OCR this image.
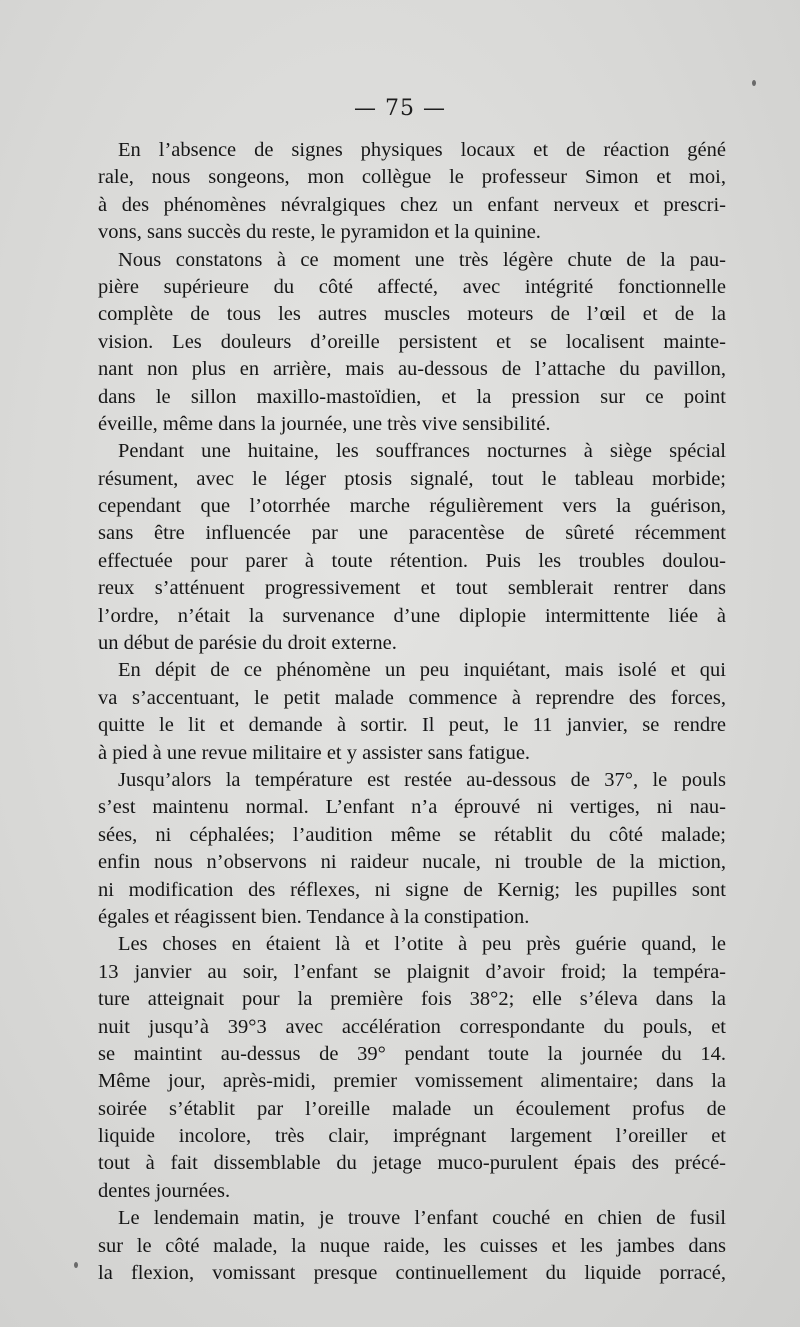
— 75 —
En l’absence de signes physiques locaux et de réaction géné
rale, nous songeons, mon collègue le professeur Simon et moi,
à des phénomènes névralgiques chez un enfant nerveux et prescri-
vons, sans succès du reste, le pyramidon et la quinine.
Nous constatons à ce moment une très légère chute de la pau-
pière supérieure du côté affecté, avec intégrité fonctionnelle
complète de tous les autres muscles moteurs de l’œil et de la
vision. Les douleurs d’oreille persistent et se localisent mainte-
nant non plus en arrière, mais au-dessous de l’attache du pavillon,
dans le sillon maxillo-mastoïdien, et la pression sur ce point
éveille, même dans la journée, une très vive sensibilité.
Pendant une huitaine, les souffrances nocturnes à siège spécial
résument, avec le léger ptosis signalé, tout le tableau morbide;
cependant que l’otorrhée marche régulièrement vers la guérison,
sans être influencée par une paracentèse de sûreté récemment
effectuée pour parer à toute rétention. Puis les troubles doulou-
reux s’atténuent progressivement et tout semblerait rentrer dans
l’ordre, n’était la survenance d’une diplopie intermittente liée à
un début de parésie du droit externe.
En dépit de ce phénomène un peu inquiétant, mais isolé et qui
va s’accentuant, le petit malade commence à reprendre des forces,
quitte le lit et demande à sortir. Il peut, le 11 janvier, se rendre
à pied à une revue militaire et y assister sans fatigue.
Jusqu’alors la température est restée au-dessous de 37°, le pouls
s’est maintenu normal. L’enfant n’a éprouvé ni vertiges, ni nau-
sées, ni céphalées; l’audition même se rétablit du côté malade;
enfin nous n’observons ni raideur nucale, ni trouble de la miction,
ni modification des réflexes, ni signe de Kernig; les pupilles sont
égales et réagissent bien. Tendance à la constipation.
Les choses en étaient là et l’otite à peu près guérie quand, le
13 janvier au soir, l’enfant se plaignit d’avoir froid; la tempéra-
ture atteignait pour la première fois 38°2; elle s’éleva dans la
nuit jusqu’à 39°3 avec accélération correspondante du pouls, et
se maintint au-dessus de 39° pendant toute la journée du 14.
Même jour, après-midi, premier vomissement alimentaire; dans la
soirée s’établit par l’oreille malade un écoulement profus de
liquide incolore, très clair, imprégnant largement l’oreiller et
tout à fait dissemblable du jetage muco-purulent épais des précé-
dentes journées.
Le lendemain matin, je trouve l’enfant couché en chien de fusil
sur le côté malade, la nuque raide, les cuisses et les jambes dans
la flexion, vomissant presque continuellement du liquide porracé,
